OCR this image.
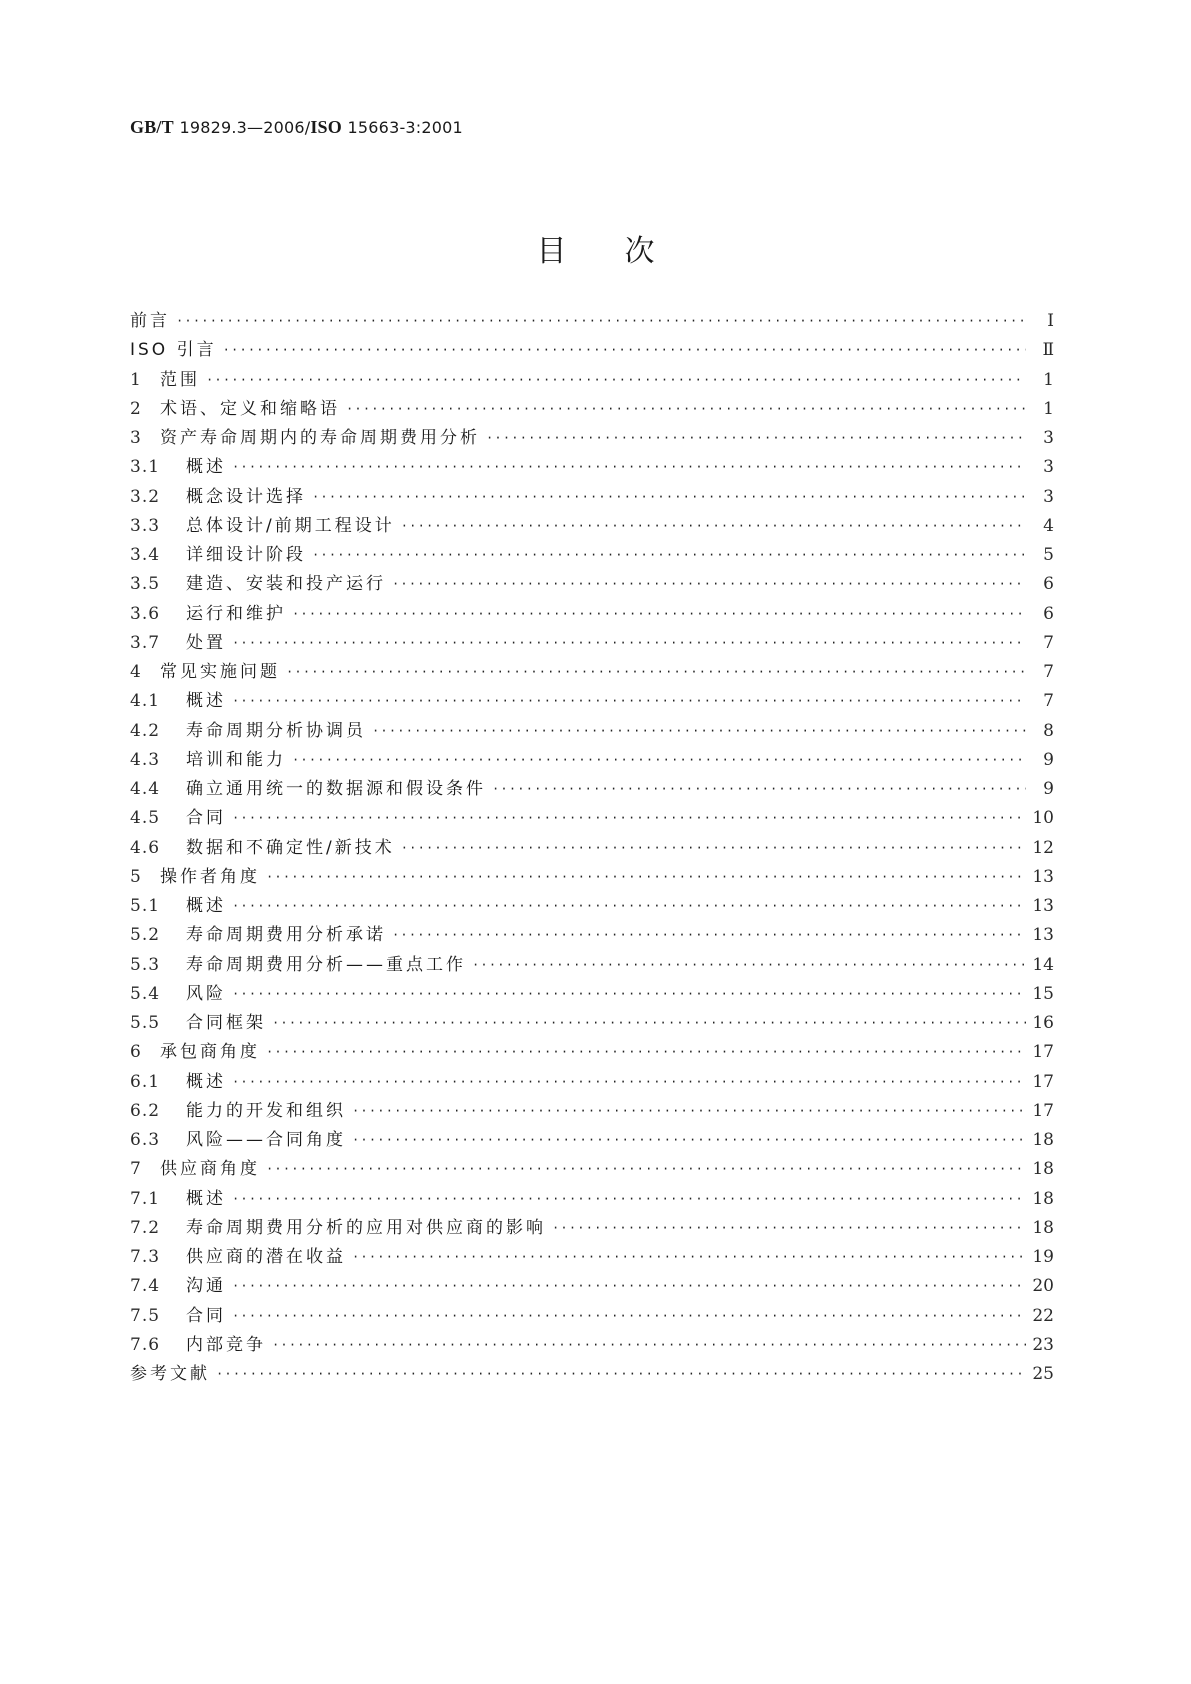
GB/T 19829.3—2006/ISO 15663-3:2001
目次
前言 ·····	Ⅰ
ISO 引言 ·····	Ⅱ
1	范围 ·····	1
2	术语、定义和缩略语 ·····	1
3	资产寿命周期内的寿命周期费用分析 ·····	3
3.1	概述 ·····	3
3.2	概念设计选择 ·····	3
3.3	总体设计/前期工程设计 ·····	4
3.4	详细设计阶段 ·····	5
3.5	建造、安装和投产运行 ·····	6
3.6	运行和维护 ·····	6
3.7	处置 ·····	7
4	常见实施问题 ·····	7
4.1	概述 ·····	7
4.2	寿命周期分析协调员 ·····	8
4.3	培训和能力 ·····	9
4.4	确立通用统一的数据源和假设条件 ·····	9
4.5	合同 ·····	10
4.6	数据和不确定性/新技术 ·····	12
5	操作者角度 ·····	13
5.1	概述 ·····	13
5.2	寿命周期费用分析承诺 ·····	13
5.3	寿命周期费用分析——重点工作 ·····	14
5.4	风险 ·····	15
5.5	合同框架 ·····	16
6	承包商角度 ·····	17
6.1	概述 ·····	17
6.2	能力的开发和组织 ·····	17
6.3	风险——合同角度 ·····	18
7	供应商角度 ·····	18
7.1	概述 ·····	18
7.2	寿命周期费用分析的应用对供应商的影响 ·····	18
7.3	供应商的潜在收益 ·····	19
7.4	沟通 ·····	20
7.5	合同 ·····	22
7.6	内部竞争 ·····	23
参考文献 ·····	25
